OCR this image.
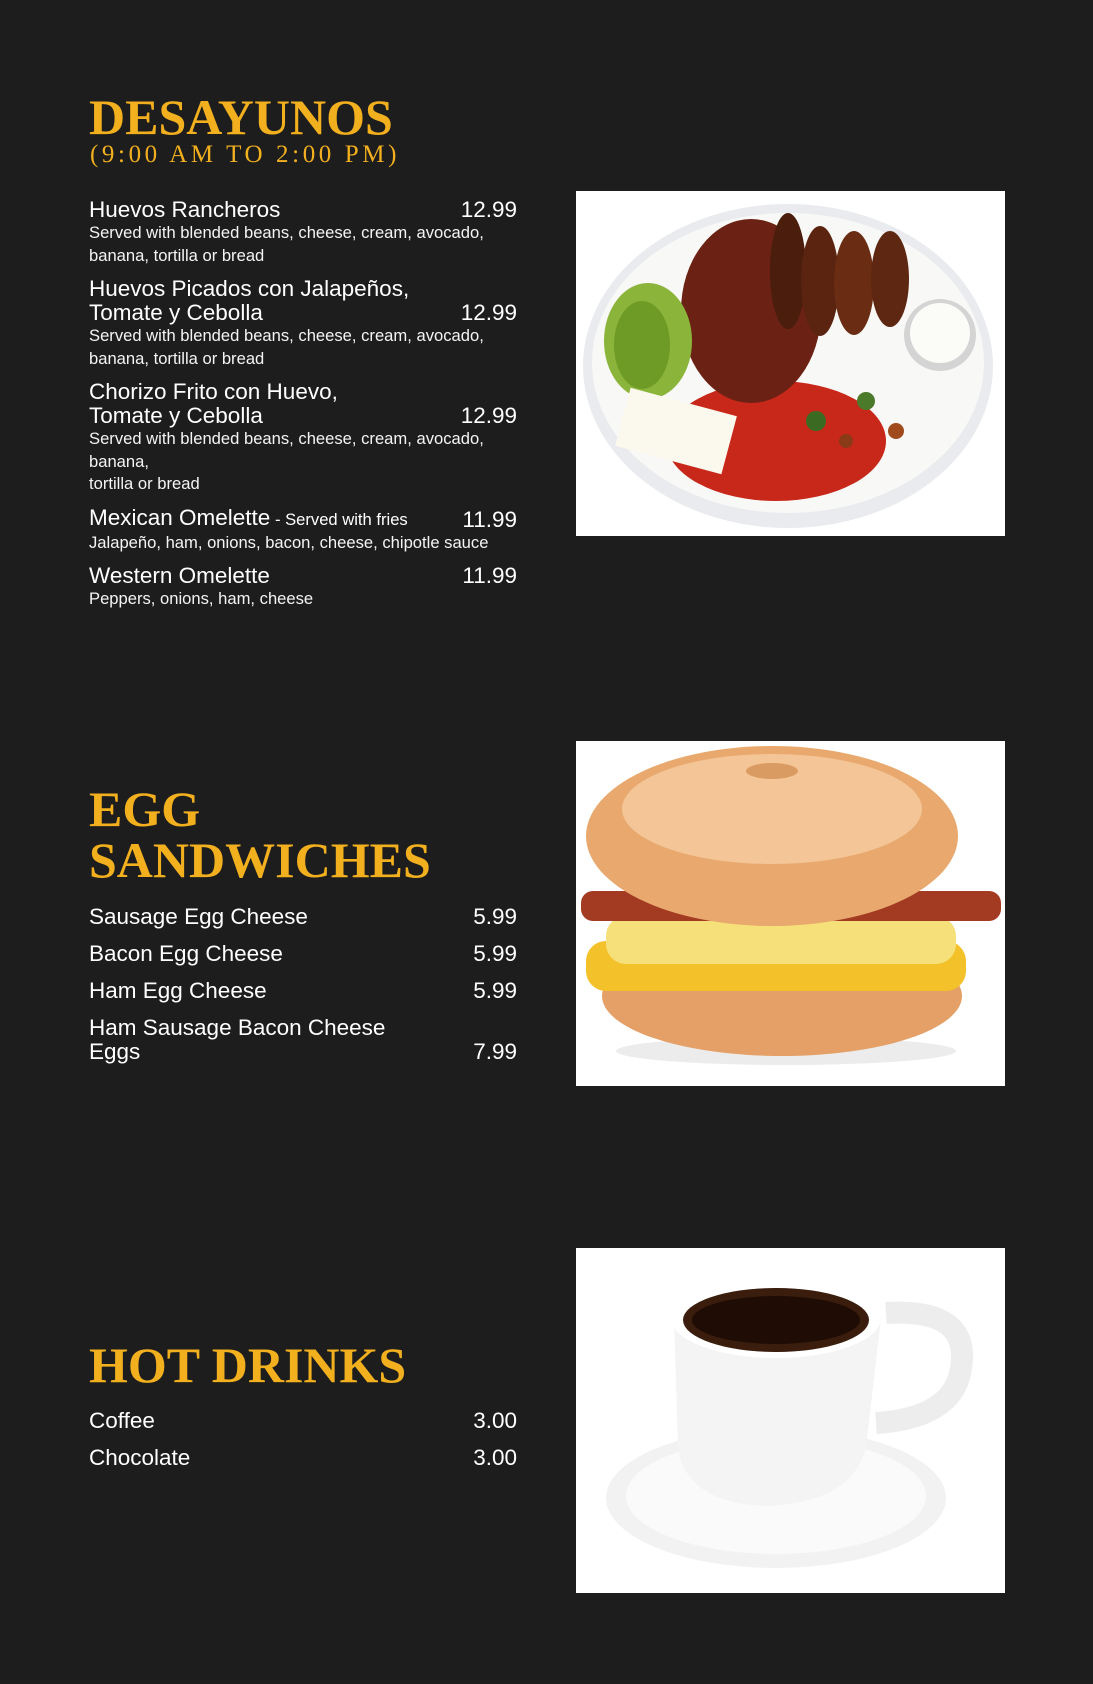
DESAYUNOS
(9:00 AM TO 2:00 PM)
Huevos Rancheros	12.99
Served with blended beans, cheese, cream, avocado,
banana, tortilla or bread
Huevos Picados con Jalapeños,
Tomate y Cebolla	12.99
Served with blended beans, cheese, cream, avocado,
banana, tortilla or bread
Chorizo Frito con Huevo,
Tomate y Cebolla	12.99
Served with blended beans, cheese, cream, avocado,
banana,
tortilla or bread
Mexican Omelette - Served with fries	11.99
Jalapeño, ham, onions, bacon, cheese, chipotle sauce
Western Omelette	11.99
Peppers, onions, ham, cheese
EGG
SANDWICHES
Sausage Egg Cheese	5.99
Bacon Egg Cheese	5.99
Ham Egg Cheese	5.99
Ham Sausage Bacon Cheese Eggs	7.99
HOT DRINKS
Coffee	3.00
Chocolate	3.00
